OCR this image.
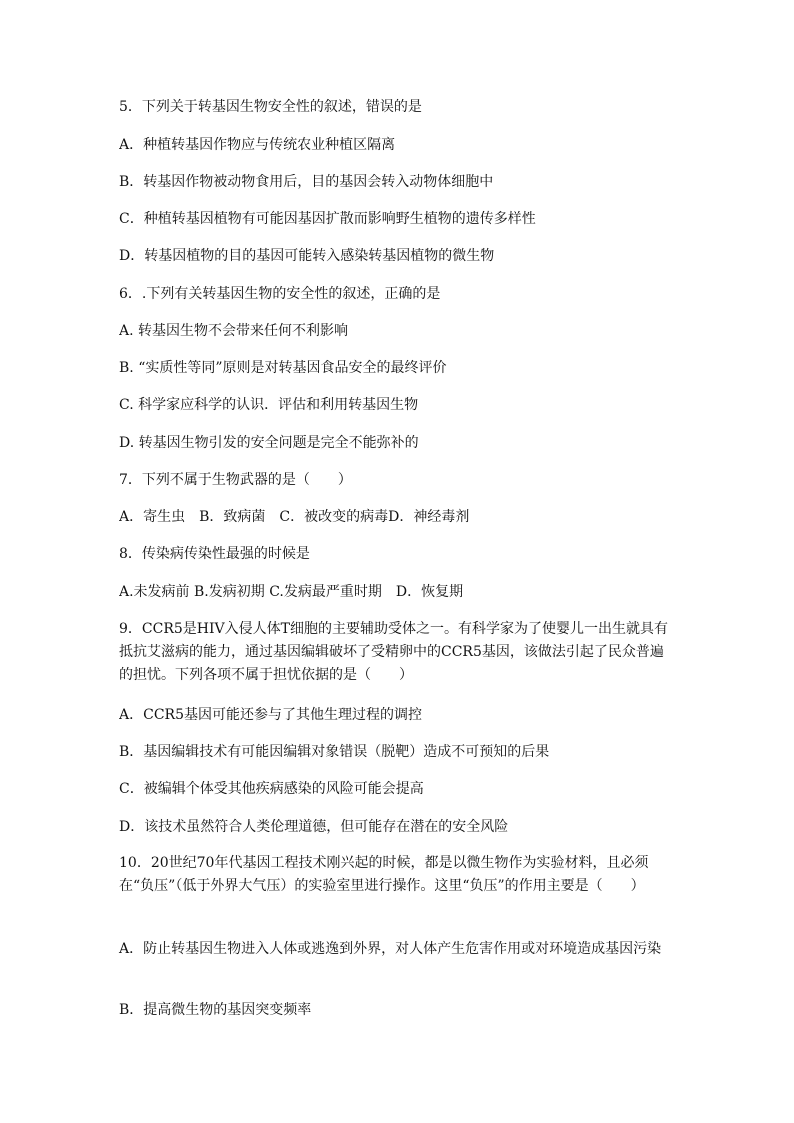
5．下列关于转基因生物安全性的叙述，错误的是
A．种植转基因作物应与传统农业种植区隔离
B．转基因作物被动物食用后，目的基因会转入动物体细胞中
C．种植转基因植物有可能因基因扩散而影响野生植物的遗传多样性
D．转基因植物的目的基因可能转入感染转基因植物的微生物
6．.下列有关转基因生物的安全性的叙述，正确的是
A. 转基因生物不会带来任何不利影响
B. “实质性等同”原则是对转基因食品安全的最终评价
C. 科学家应科学的认识．评估和利用转基因生物
D. 转基因生物引发的安全问题是完全不能弥补的
7．下列不属于生物武器的是（　　）
A．寄生虫　B．致病菌　C．被改变的病毒D．神经毒剂
8．传染病传染性最强的时候是
A.未发病前 B.发病初期 C.发病最严重时期　D．恢复期
9．CCR5是HIV入侵人体T细胞的主要辅助受体之一。有科学家为了使婴儿一出生就具有抵抗艾滋病的能力，通过基因编辑破坏了受精卵中的CCR5基因，该做法引起了民众普遍的担忧。下列各项不属于担忧依据的是（　　）
A．CCR5基因可能还参与了其他生理过程的调控
B．基因编辑技术有可能因编辑对象错误（脱靶）造成不可预知的后果
C．被编辑个体受其他疾病感染的风险可能会提高
D．该技术虽然符合人类伦理道德，但可能存在潜在的安全风险
10．20世纪70年代基因工程技术刚兴起的时候，都是以微生物作为实验材料，且必须在“负压”（低于外界大气压）的实验室里进行操作。这里“负压”的作用主要是（　　）
A．防止转基因生物进入人体或逃逸到外界，对人体产生危害作用或对环境造成基因污染
B．提高微生物的基因突变频率
